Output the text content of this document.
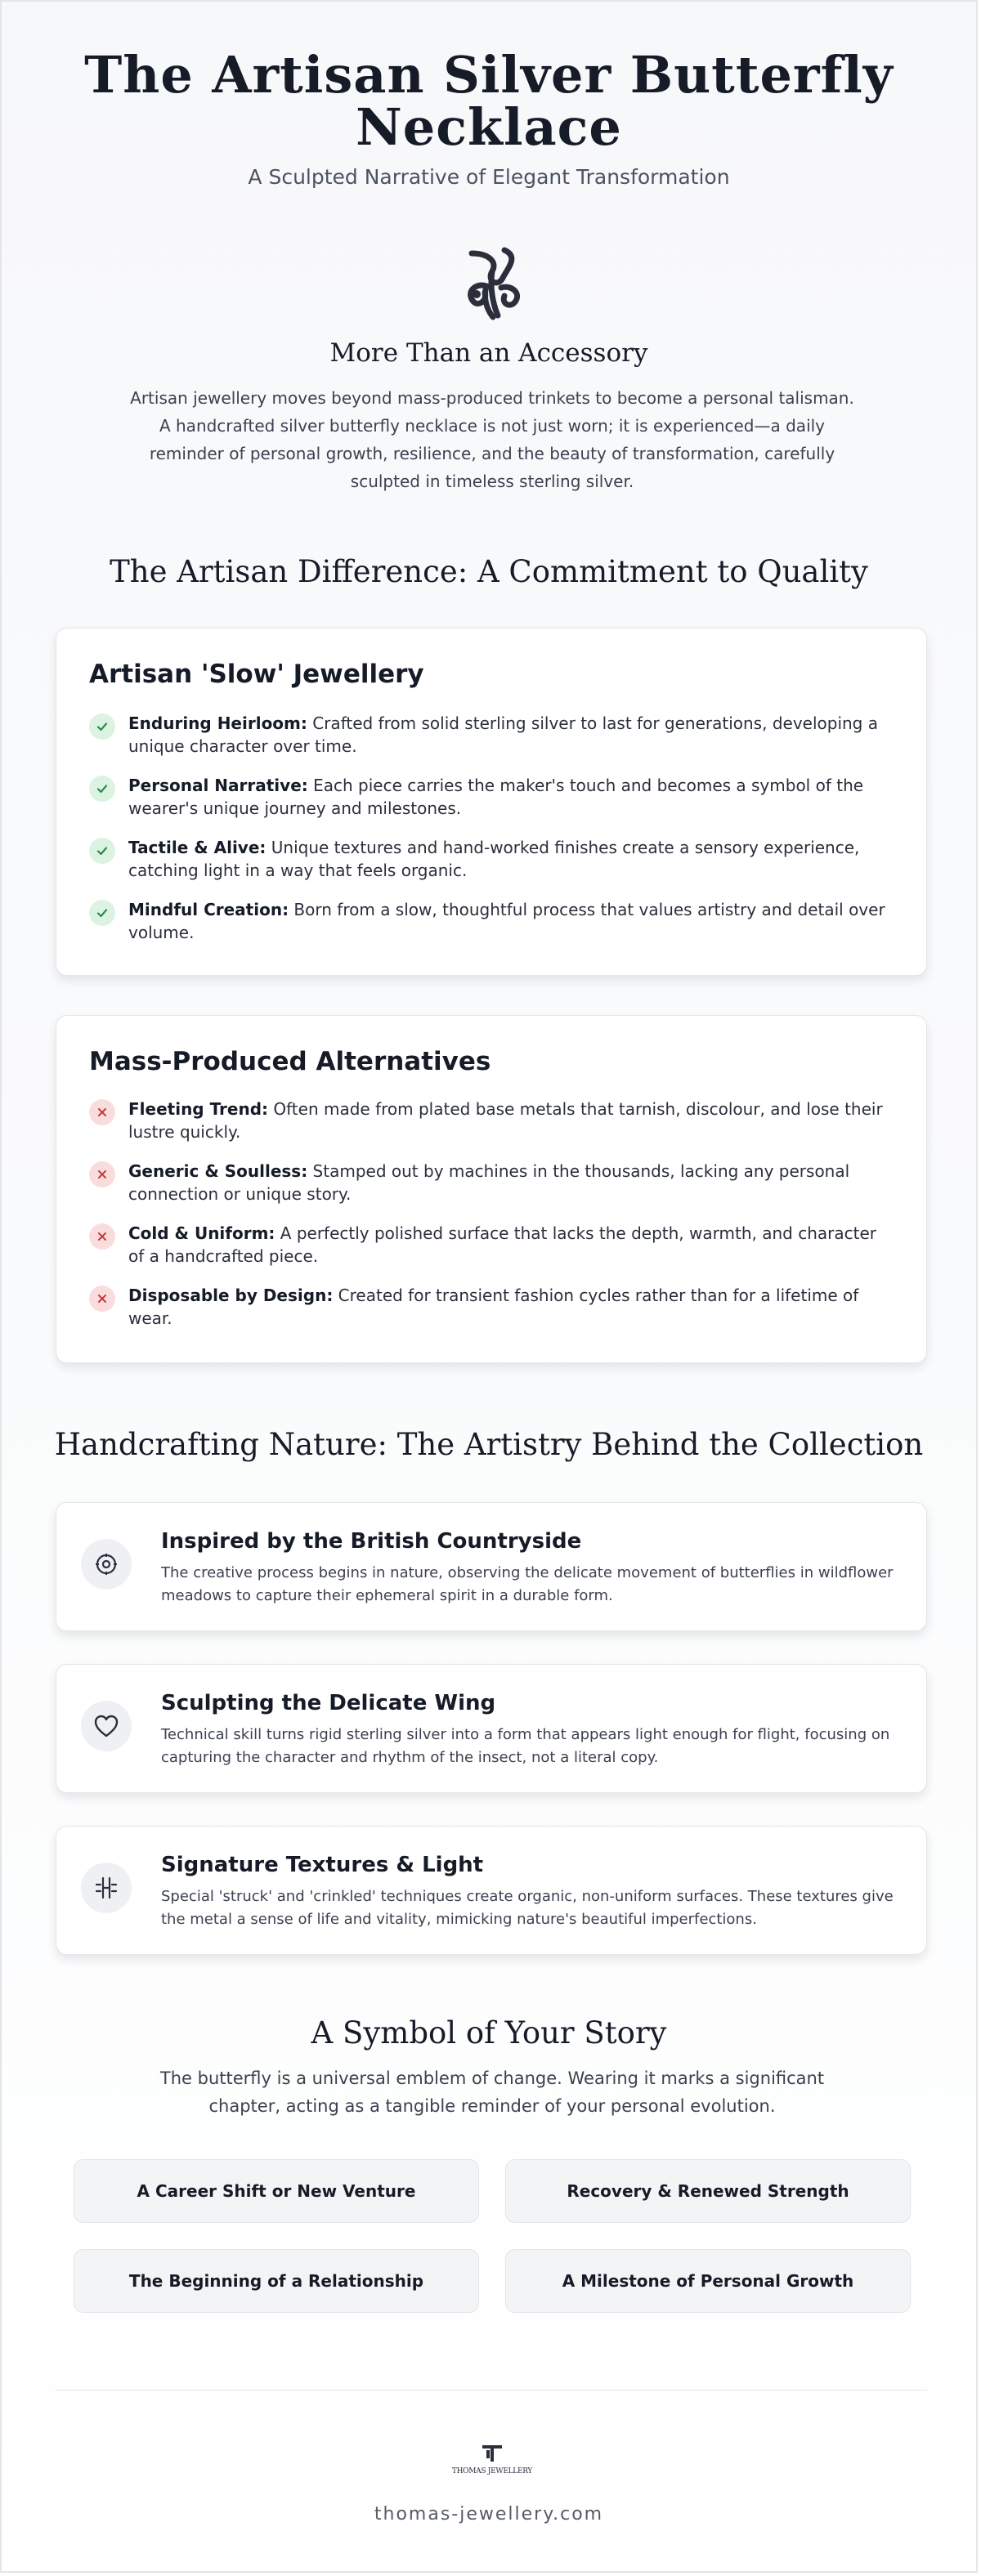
The Artisan Silver Butterfly
Necklace
A Sculpted Narrative of Elegant Transformation
More Than an Accessory
Artisan jewellery moves beyond mass-produced trinkets to become a personal talisman. A handcrafted silver butterfly necklace is not just worn; it is experienced—a daily reminder of personal growth, resilience, and the beauty of transformation, carefully sculpted in timeless sterling silver.
The Artisan Difference: A Commitment to Quality
Artisan 'Slow' Jewellery
Enduring Heirloom: Crafted from solid sterling silver to last for generations, developing a unique character over time.
Personal Narrative: Each piece carries the maker's touch and becomes a symbol of the wearer's unique journey and milestones.
Tactile & Alive: Unique textures and hand-worked finishes create a sensory experience, catching light in a way that feels organic.
Mindful Creation: Born from a slow, thoughtful process that values artistry and detail over volume.
Mass-Produced Alternatives
Fleeting Trend: Often made from plated base metals that tarnish, discolour, and lose their lustre quickly.
Generic & Soulless: Stamped out by machines in the thousands, lacking any personal connection or unique story.
Cold & Uniform: A perfectly polished surface that lacks the depth, warmth, and character of a handcrafted piece.
Disposable by Design: Created for transient fashion cycles rather than for a lifetime of wear.
Handcrafting Nature: The Artistry Behind the Collection
Inspired by the British Countryside
The creative process begins in nature, observing the delicate movement of butterflies in wildflower meadows to capture their ephemeral spirit in a durable form.
Sculpting the Delicate Wing
Technical skill turns rigid sterling silver into a form that appears light enough for flight, focusing on capturing the character and rhythm of the insect, not a literal copy.
Signature Textures & Light
Special 'struck' and 'crinkled' techniques create organic, non-uniform surfaces. These textures give the metal a sense of life and vitality, mimicking nature's beautiful imperfections.
A Symbol of Your Story
The butterfly is a universal emblem of change. Wearing it marks a significant chapter, acting as a tangible reminder of your personal evolution.
A Career Shift or New Venture	Recovery & Renewed Strength
The Beginning of a Relationship	A Milestone of Personal Growth
THOMAS JEWELLERY
thomas-jewellery.com
